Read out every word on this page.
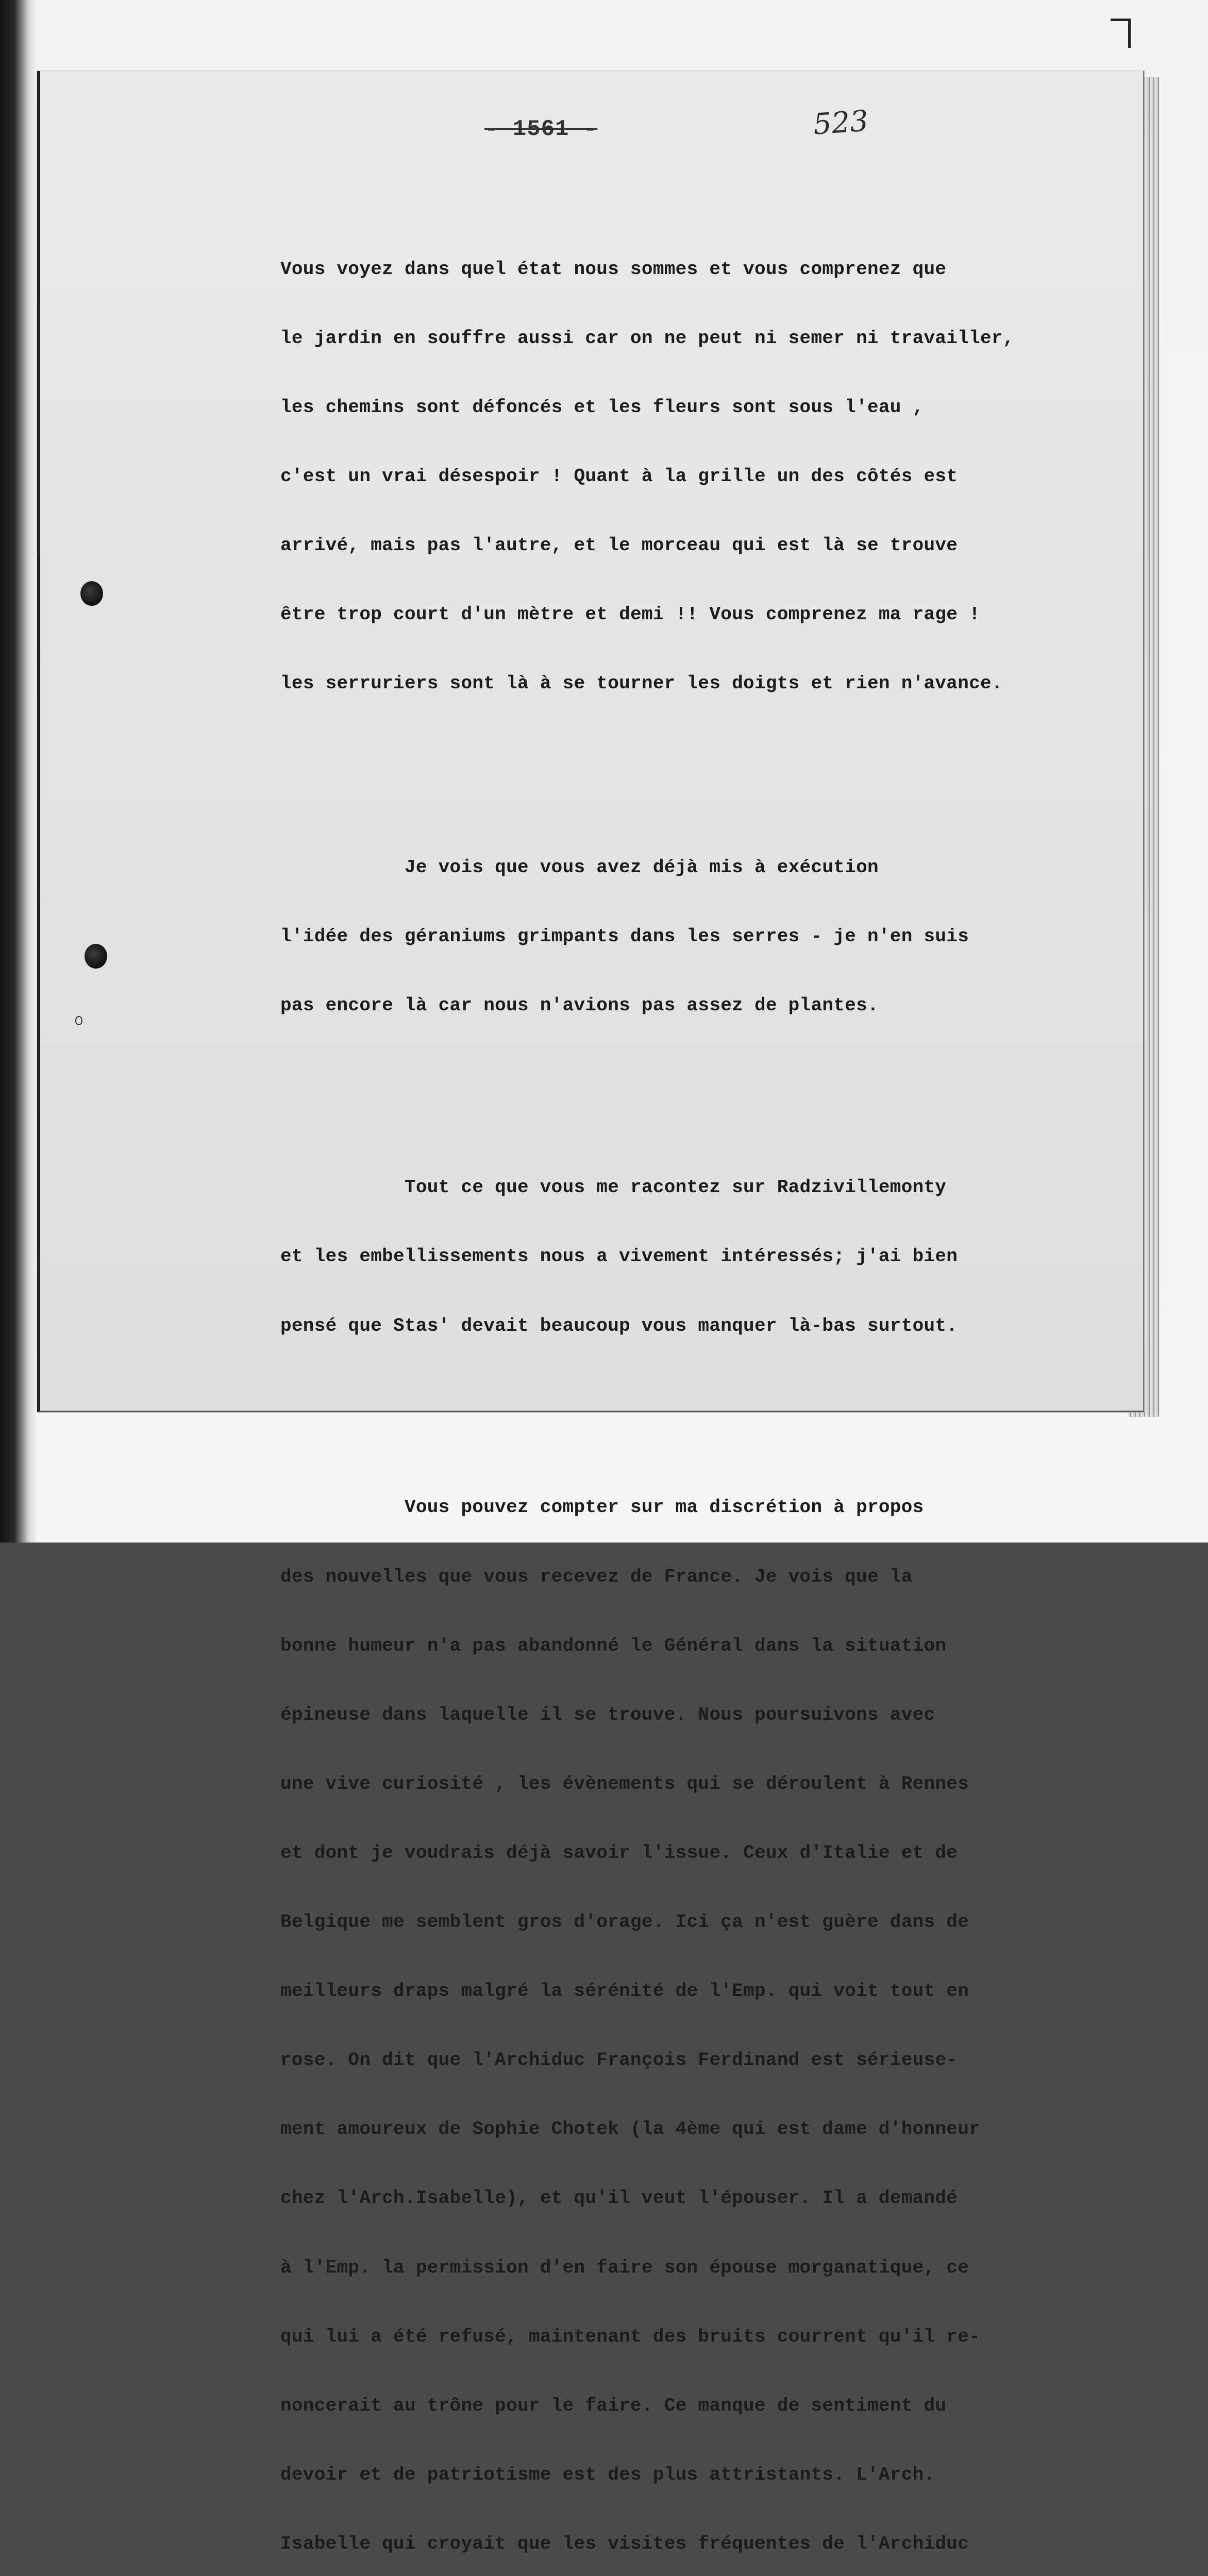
- 1561 -	523

Vous voyez dans quel état nous sommes et vous comprenez que

le jardin en souffre aussi car on ne peut ni semer ni travailler,

les chemins sont défoncés et les fleurs sont sous l'eau ,

c'est un vrai désespoir ! Quant à la grille un des côtés est

arrivé, mais pas l'autre, et le morceau qui est là se trouve

être trop court d'un mètre et demi !! Vous comprenez ma rage !

les serruriers sont là à se tourner les doigts et rien n'avance.

Je vois que vous avez déjà mis à exécution

l'idée des géraniums grimpants dans les serres - je n'en suis

pas encore là car nous n'avions pas assez de plantes.

Tout ce que vous me racontez sur Radzivillemonty

et les embellissements nous a vivement intéressés; j'ai bien

pensé que Stas' devait beaucoup vous manquer là-bas surtout.

Vous pouvez compter sur ma discrétion à propos

des nouvelles que vous recevez de France. Je vois que la

bonne humeur n'a pas abandonné le Général dans la situation

épineuse dans laquelle il se trouve. Nous poursuivons avec

une vive curiosité , les évènements qui se déroulent à Rennes

et dont je voudrais déjà savoir l'issue. Ceux d'Italie et de

Belgique me semblent gros d'orage. Ici ça n'est guère dans de

meilleurs draps malgré la sérénité de l'Emp. qui voit tout en

rose. On dit que l'Archiduc François Ferdinand est sérieuse-

ment amoureux de Sophie Chotek (la 4ème qui est dame d'honneur

chez l'Arch.Isabelle), et qu'il veut l'épouser. Il a demandé

à l'Emp. la permission d'en faire son épouse morganatique, ce

qui lui a été refusé, maintenant des bruits courrent qu'il re-

noncerait au trône pour le faire. Ce manque de sentiment du

devoir et de patriotisme est des plus attristants. L'Arch.

Isabelle qui croyait que les visites fréquentes de l'Archiduc
